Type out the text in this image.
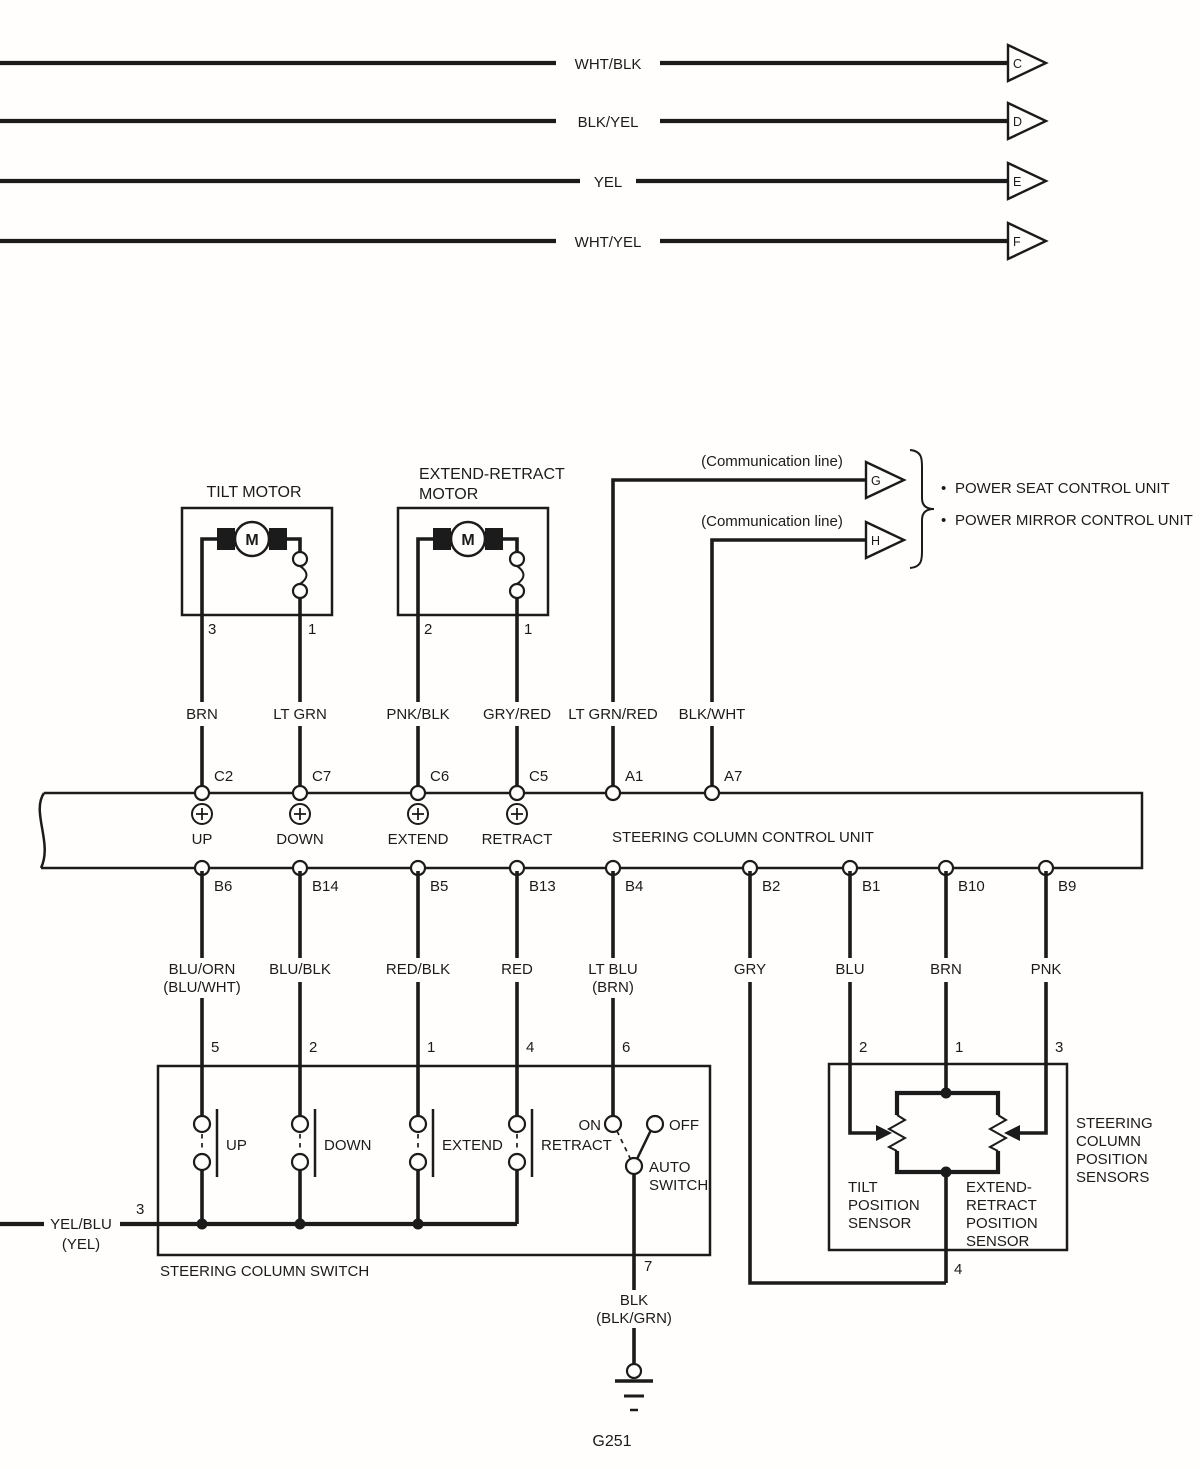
WHT/BLK	C
BLK/YEL	D
YEL	E
WHT/YEL	F
TILT MOTOR
M
3	1
EXTEND-RETRACT
MOTOR
M
2	1
(Communication line)
(Communication line)
G
H
• POWER SEAT CONTROL UNIT
• POWER MIRROR CONTROL UNIT
BRN	LT GRN	PNK/BLK GRY/RED LT GRN/RED BLK/WHT
C2	C7	C6	C5	A1	A7
UP	DOWN	EXTEND RETRACT	STEERING COLUMN CONTROL UNIT
B6	B14	B5	B13	B4	B2	B1	B10	B9
BLU/ORN
(BLU/WHT)
BLU/BLK	RED/BLK	RED	LT BLU
(BRN)
GRY	BLU	BRN	PNK
5	2	1	4	6	2	1	3
UP	DOWN	EXTEND	RETRACT
ON	OFF
AUTO
SWITCH
STEERING COLUMN SWITCH
YEL/BLU
(YEL)
3
7
BLK
(BLK/GRN)
G251
TILT
POSITION
SENSOR
EXTEND-
RETRACT
POSITION
SENSOR
STEERING
COLUMN
POSITION
SENSORS
4
